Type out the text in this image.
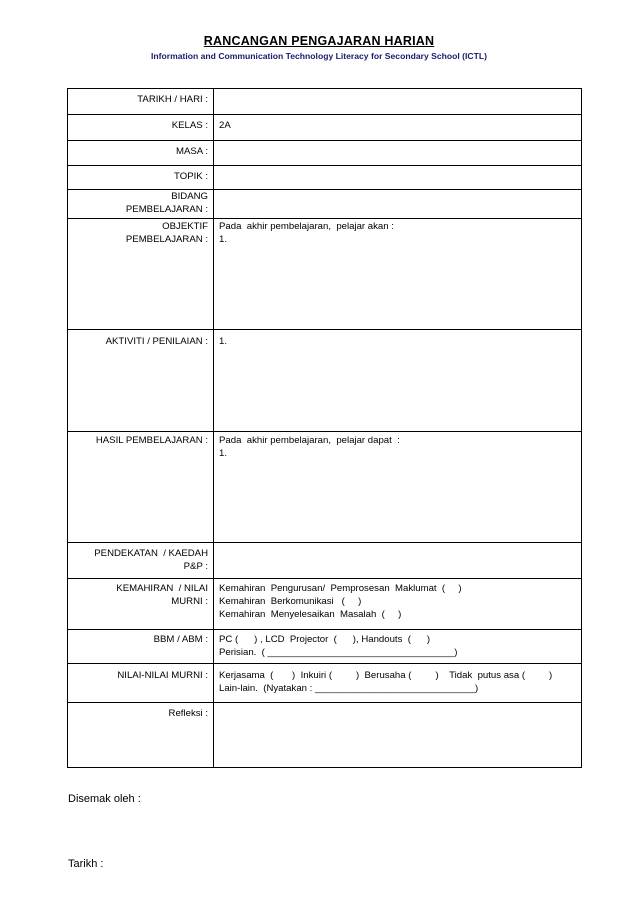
RANCANGAN PENGAJARAN HARIAN
Information and Communication Technology Literacy for Secondary School (ICTL)
TARIKH / HARI :	
KELAS :	2A
MASA :	
TOPIK :	

BIDANG
PEMBELAJARAN :	

OBJEKTIF
PEMBELAJARAN :	Pada  akhir pembelajaran,  pelajar akan :
1.

AKTIVITI / PENILAIAN :	1.

HASIL PEMBELAJARAN :	Pada  akhir pembelajaran,  pelajar dapat  :
1.

PENDEKATAN  / KAEDAH
P&P :	

KEMAHIRAN  / NILAI
MURNI :	Kemahiran  Pengurusan/  Pemprosesan  Maklumat  (     )
Kemahiran  Berkomunikasi   (     )
Kemahiran  Menyelesaikan  Masalah  (     )

BBM / ABM :	PC (      ) , LCD  Projector  (      ), Handouts  (      )
Perisian.  ( ___________________________________)

NILAI-NILAI MURNI :	Kerjasama  (       )  Inkuiri (         )  Berusaha (         )    Tidak  putus asa (         )
Lain-lain.  (Nyatakan : ______________________________)

Refleksi :	
Disemak oleh :
Tarikh :
